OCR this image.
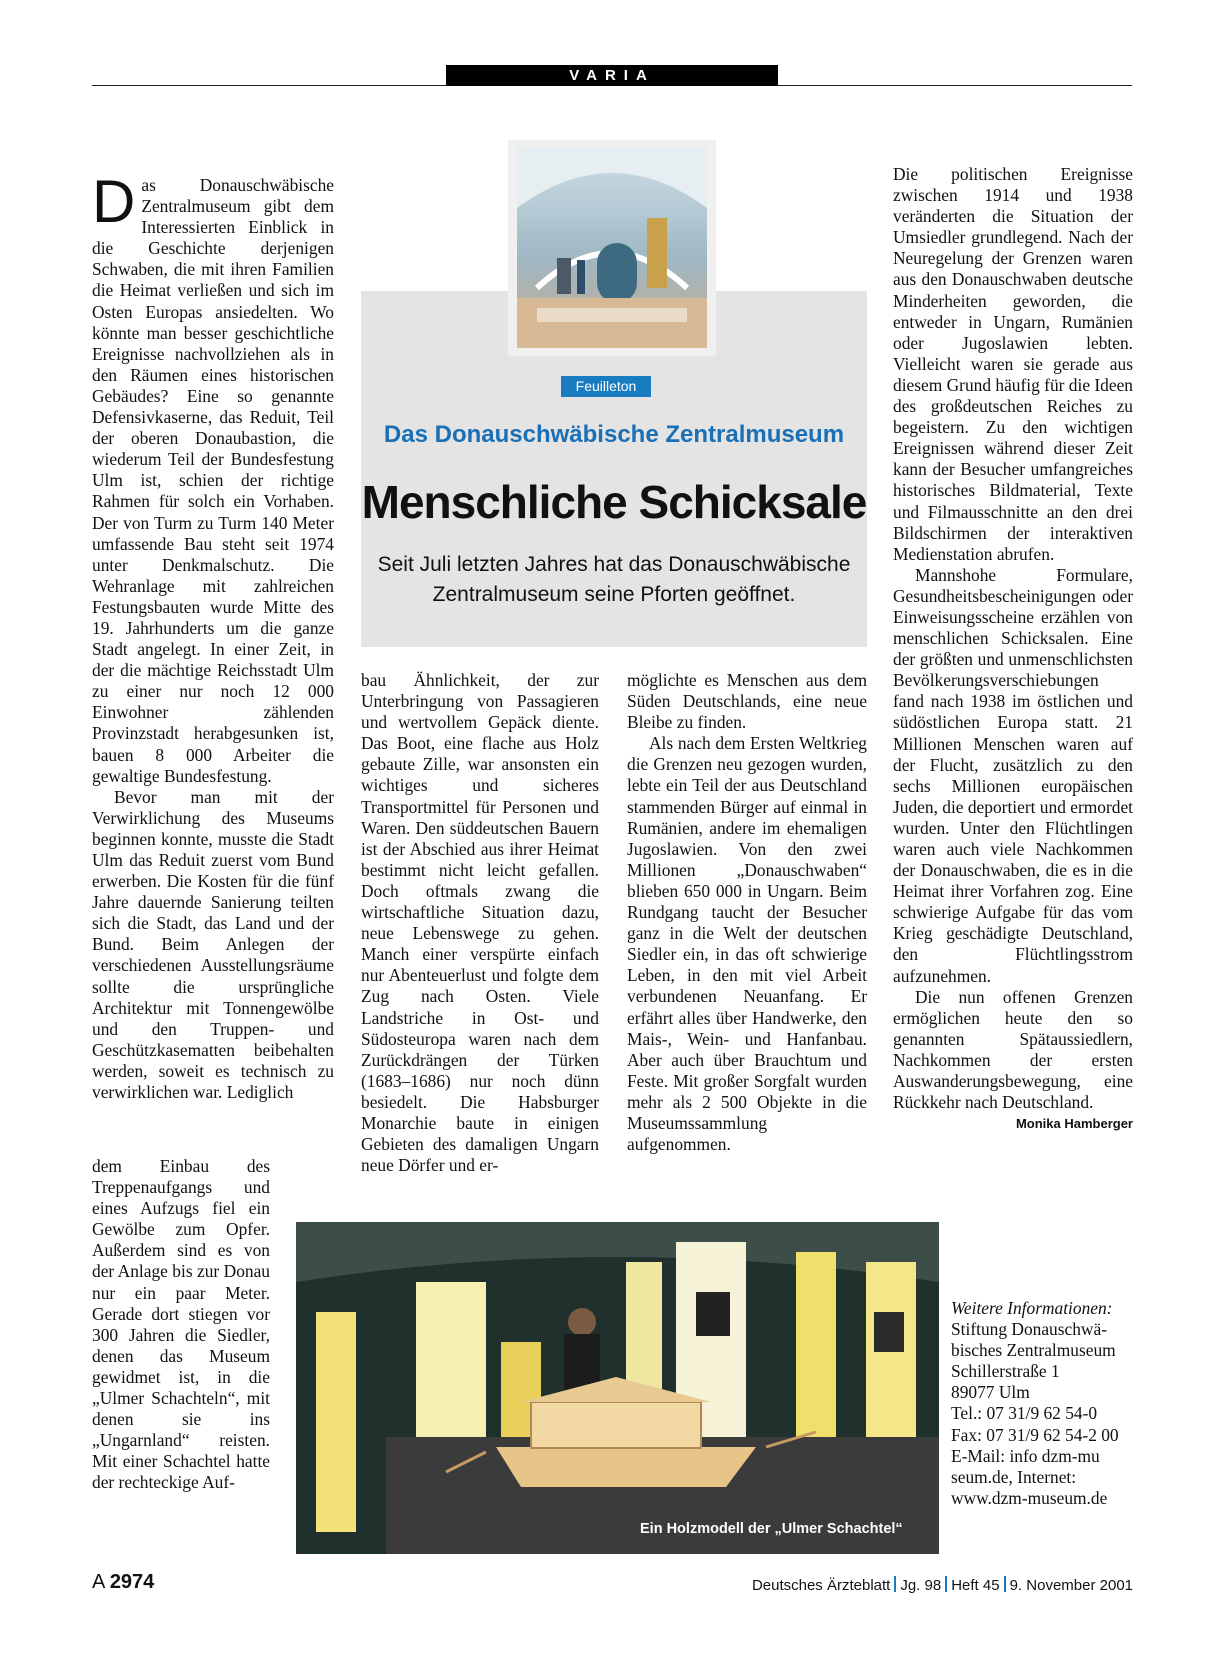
VARIA

Das Donauschwäbische Zentralmuseum gibt dem Interessierten Einblick in die Geschichte derjenigen Schwaben, die mit ihren Familien die Heimat verließen und sich im Osten Europas ansiedelten. Wo könnte man besser geschichtliche Ereignisse nachvollziehen als in den Räumen eines historischen Gebäudes? Eine so genannte Defensivkaserne, das Reduit, Teil der oberen Donaubastion, die wiederum Teil der Bundesfestung Ulm ist, schien der richtige Rahmen für solch ein Vorhaben. Der von Turm zu Turm 140 Meter umfassende Bau steht seit 1974 unter Denkmalschutz. Die Wehranlage mit zahlreichen Festungsbauten wurde Mitte des 19. Jahrhunderts um die ganze Stadt angelegt. In einer Zeit, in der die mächtige Reichsstadt Ulm zu einer nur noch 12 000 Einwohner zählenden Provinzstadt herabgesunken ist, bauen 8 000 Arbeiter die gewaltige Bundesfestung.

Bevor man mit der Verwirklichung des Museums beginnen konnte, musste die Stadt Ulm das Reduit zuerst vom Bund erwerben. Die Kosten für die fünf Jahre dauernde Sanierung teilten sich die Stadt, das Land und der Bund. Beim Anlegen der verschiedenen Ausstellungsräume sollte die ursprüngliche Architektur mit Tonnengewölbe und den Truppen- und Geschützkasematten beibehalten werden, soweit es technisch zu verwirklichen war. Lediglich

dem Einbau des Treppenaufgangs und eines Aufzugs fiel ein Gewölbe zum Opfer. Außerdem sind es von der Anlage bis zur Donau nur ein paar Meter. Gerade dort stiegen vor 300 Jahren die Siedler, denen das Museum gewidmet ist, in die „Ulmer Schachteln“, mit denen sie ins „Ungarnland“ reisten. Mit einer Schachtel hatte der rechteckige Auf-

Feuilleton
Das Donauschwäbische Zentralmuseum
Menschliche Schicksale
Seit Juli letzten Jahres hat das Donauschwäbische Zentralmuseum seine Pforten geöffnet.

bau Ähnlichkeit, der zur Unterbringung von Passagieren und wertvollem Gepäck diente. Das Boot, eine flache aus Holz gebaute Zille, war ansonsten ein wichtiges und sicheres Transportmittel für Personen und Waren. Den süddeutschen Bauern ist der Abschied aus ihrer Heimat bestimmt nicht leicht gefallen. Doch oftmals zwang die wirtschaftliche Situation dazu, neue Lebenswege zu gehen. Manch einer verspürte einfach nur Abenteuerlust und folgte dem Zug nach Osten. Viele Landstriche in Ost- und Südosteuropa waren nach dem Zurückdrängen der Türken (1683–1686) nur noch dünn besiedelt. Die Habsburger Monarchie baute in einigen Gebieten des damaligen Ungarn neue Dörfer und er-

möglichte es Menschen aus dem Süden Deutschlands, eine neue Bleibe zu finden.

Als nach dem Ersten Weltkrieg die Grenzen neu gezogen wurden, lebte ein Teil der aus Deutschland stammenden Bürger auf einmal in Rumänien, andere im ehemaligen Jugoslawien. Von den zwei Millionen „Donauschwaben“ blieben 650 000 in Ungarn. Beim Rundgang taucht der Besucher ganz in die Welt der deutschen Siedler ein, in das oft schwierige Leben, in den mit viel Arbeit verbundenen Neuanfang. Er erfährt alles über Handwerke, den Mais-, Wein- und Hanfanbau. Aber auch über Brauchtum und Feste. Mit großer Sorgfalt wurden mehr als 2 500 Objekte in die Museumssammlung aufgenommen.

Die politischen Ereignisse zwischen 1914 und 1938 veränderten die Situation der Umsiedler grundlegend. Nach der Neuregelung der Grenzen waren aus den Donauschwaben deutsche Minderheiten geworden, die entweder in Ungarn, Rumänien oder Jugoslawien lebten. Vielleicht waren sie gerade aus diesem Grund häufig für die Ideen des großdeutschen Reiches zu begeistern. Zu den wichtigen Ereignissen während dieser Zeit kann der Besucher umfangreiches historisches Bildmaterial, Texte und Filmausschnitte an den drei Bildschirmen der interaktiven Medienstation abrufen.

Mannshohe Formulare, Gesundheitsbescheinigungen oder Einweisungsscheine erzählen von menschlichen Schicksalen. Eine der größten und unmenschlichsten Bevölkerungsverschiebungen fand nach 1938 im östlichen und südöstlichen Europa statt. 21 Millionen Menschen waren auf der Flucht, zusätzlich zu den sechs Millionen europäischen Juden, die deportiert und ermordet wurden. Unter den Flüchtlingen waren auch viele Nachkommen der Donauschwaben, die es in die Heimat ihrer Vorfahren zog. Eine schwierige Aufgabe für das vom Krieg geschädigte Deutschland, den Flüchtlingsstrom aufzunehmen.

Die nun offenen Grenzen ermöglichen heute den so genannten Spätaussiedlern, Nachkommen der ersten Auswanderungsbewegung, eine Rückkehr nach Deutschland.
Monika Hamberger

Ein Holzmodell der „Ulmer Schachtel“
Fotos: DZM
Weitere Informationen:
Stiftung Donauschwä-
bisches Zentralmuseum
Schillerstraße 1
89077 Ulm
Tel.: 07 31/9 62 54-0
Fax: 07 31/9 62 54-2 00
E-Mail: info dzm-mu
seum.de, Internet:
www.dzm-museum.de
A 2974	Deutsches Ärzteblatt Jg. 98 Heft 45 9. November 2001
